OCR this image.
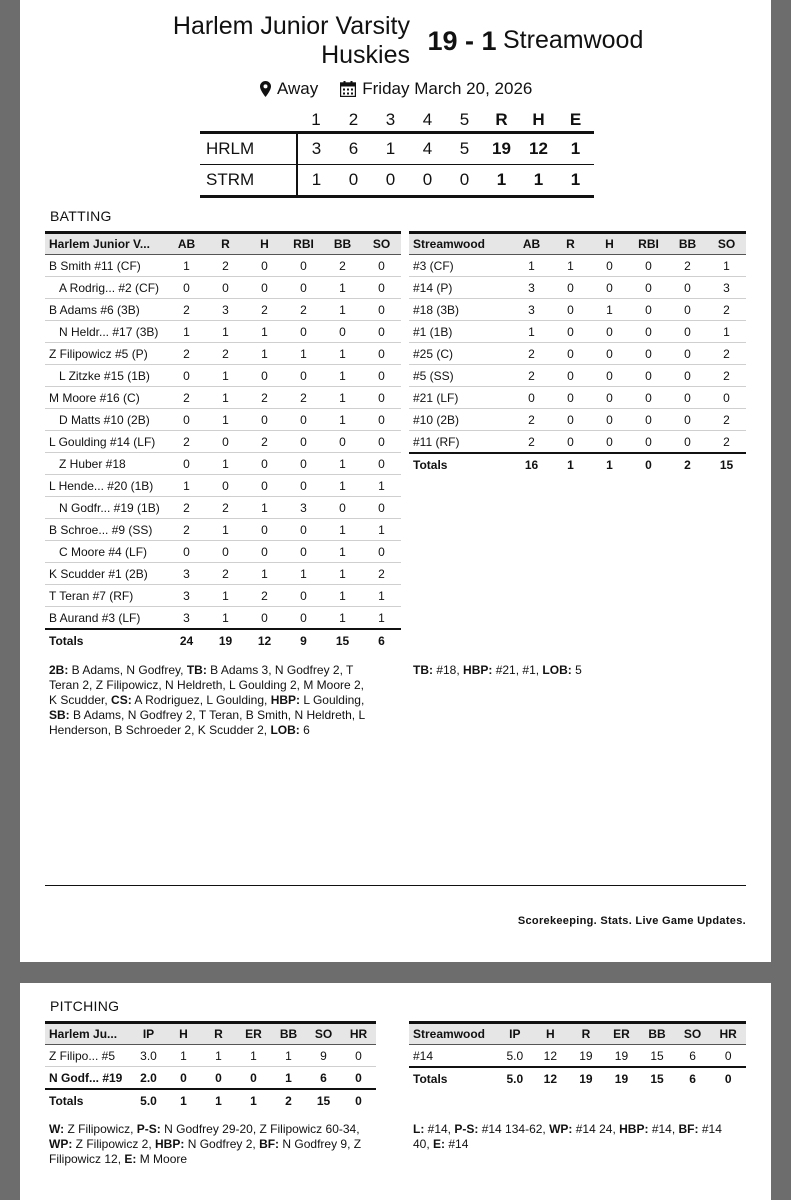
Harlem Junior Varsity Huskies 19 - 1 Streamwood
Away	Friday March 20, 2026
	1	2	3	4	5	R	H	E
HRLM	3	6	1	4	5	19	12	1
STRM	1	0	0	0	0	1	1	1
BATTING
Harlem Junior V...	AB	R	H	RBI	BB	SO
B Smith #11 (CF)	1	2	0	0	2	0
A Rodrig... #2 (CF)	0	0	0	0	1	0
B Adams #6 (3B)	2	3	2	2	1	0
N Heldr... #17 (3B)	1	1	1	0	0	0
Z Filipowicz #5 (P)	2	2	1	1	1	0
L Zitzke #15 (1B)	0	1	0	0	1	0
M Moore #16 (C)	2	1	2	2	1	0
D Matts #10 (2B)	0	1	0	0	1	0
L Goulding #14 (LF)	2	0	2	0	0	0
Z Huber #18	0	1	0	0	1	0
L Hende... #20 (1B)	1	0	0	0	1	1
N Godfr... #19 (1B)	2	2	1	3	0	0
B Schroe... #9 (SS)	2	1	0	0	1	1
C Moore #4 (LF)	0	0	0	0	1	0
K Scudder #1 (2B)	3	2	1	1	1	2
T Teran #7 (RF)	3	1	2	0	1	1
B Aurand #3 (LF)	3	1	0	0	1	1
Totals	24	19	12	9	15	6
Streamwood	AB	R	H	RBI	BB	SO
#3 (CF)	1	1	0	0	2	1
#14 (P)	3	0	0	0	0	3
#18 (3B)	3	0	1	0	0	2
#1 (1B)	1	0	0	0	0	1
#25 (C)	2	0	0	0	0	2
#5 (SS)	2	0	0	0	0	2
#21 (LF)	0	0	0	0	0	0
#10 (2B)	2	0	0	0	0	2
#11 (RF)	2	0	0	0	0	2
Totals	16	1	1	0	2	15
2B: B Adams, N Godfrey, TB: B Adams 3, N Godfrey 2, T Teran 2, Z Filipowicz, N Heldreth, L Goulding 2, M Moore 2, K Scudder, CS: A Rodriguez, L Goulding, HBP: L Goulding, SB: B Adams, N Godfrey 2, T Teran, B Smith, N Heldreth, L Henderson, B Schroeder 2, K Scudder 2, LOB: 6
TB: #18, HBP: #21, #1, LOB: 5
Scorekeeping. Stats. Live Game Updates.
PITCHING
Harlem Ju...	IP	H	R	ER	BB	SO	HR
Z Filipo... #5	3.0	1	1	1	1	9	0
N Godf... #19	2.0	0	0	0	1	6	0
Totals	5.0	1	1	1	2	15	0
Streamwood	IP	H	R	ER	BB	SO	HR
#14	5.0	12	19	19	15	6	0
Totals	5.0	12	19	19	15	6	0
W: Z Filipowicz, P-S: N Godfrey 29-20, Z Filipowicz 60-34, WP: Z Filipowicz 2, HBP: N Godfrey 2, BF: N Godfrey 9, Z Filipowicz 12, E: M Moore
L: #14, P-S: #14 134-62, WP: #14 24, HBP: #14, BF: #14 40, E: #14
